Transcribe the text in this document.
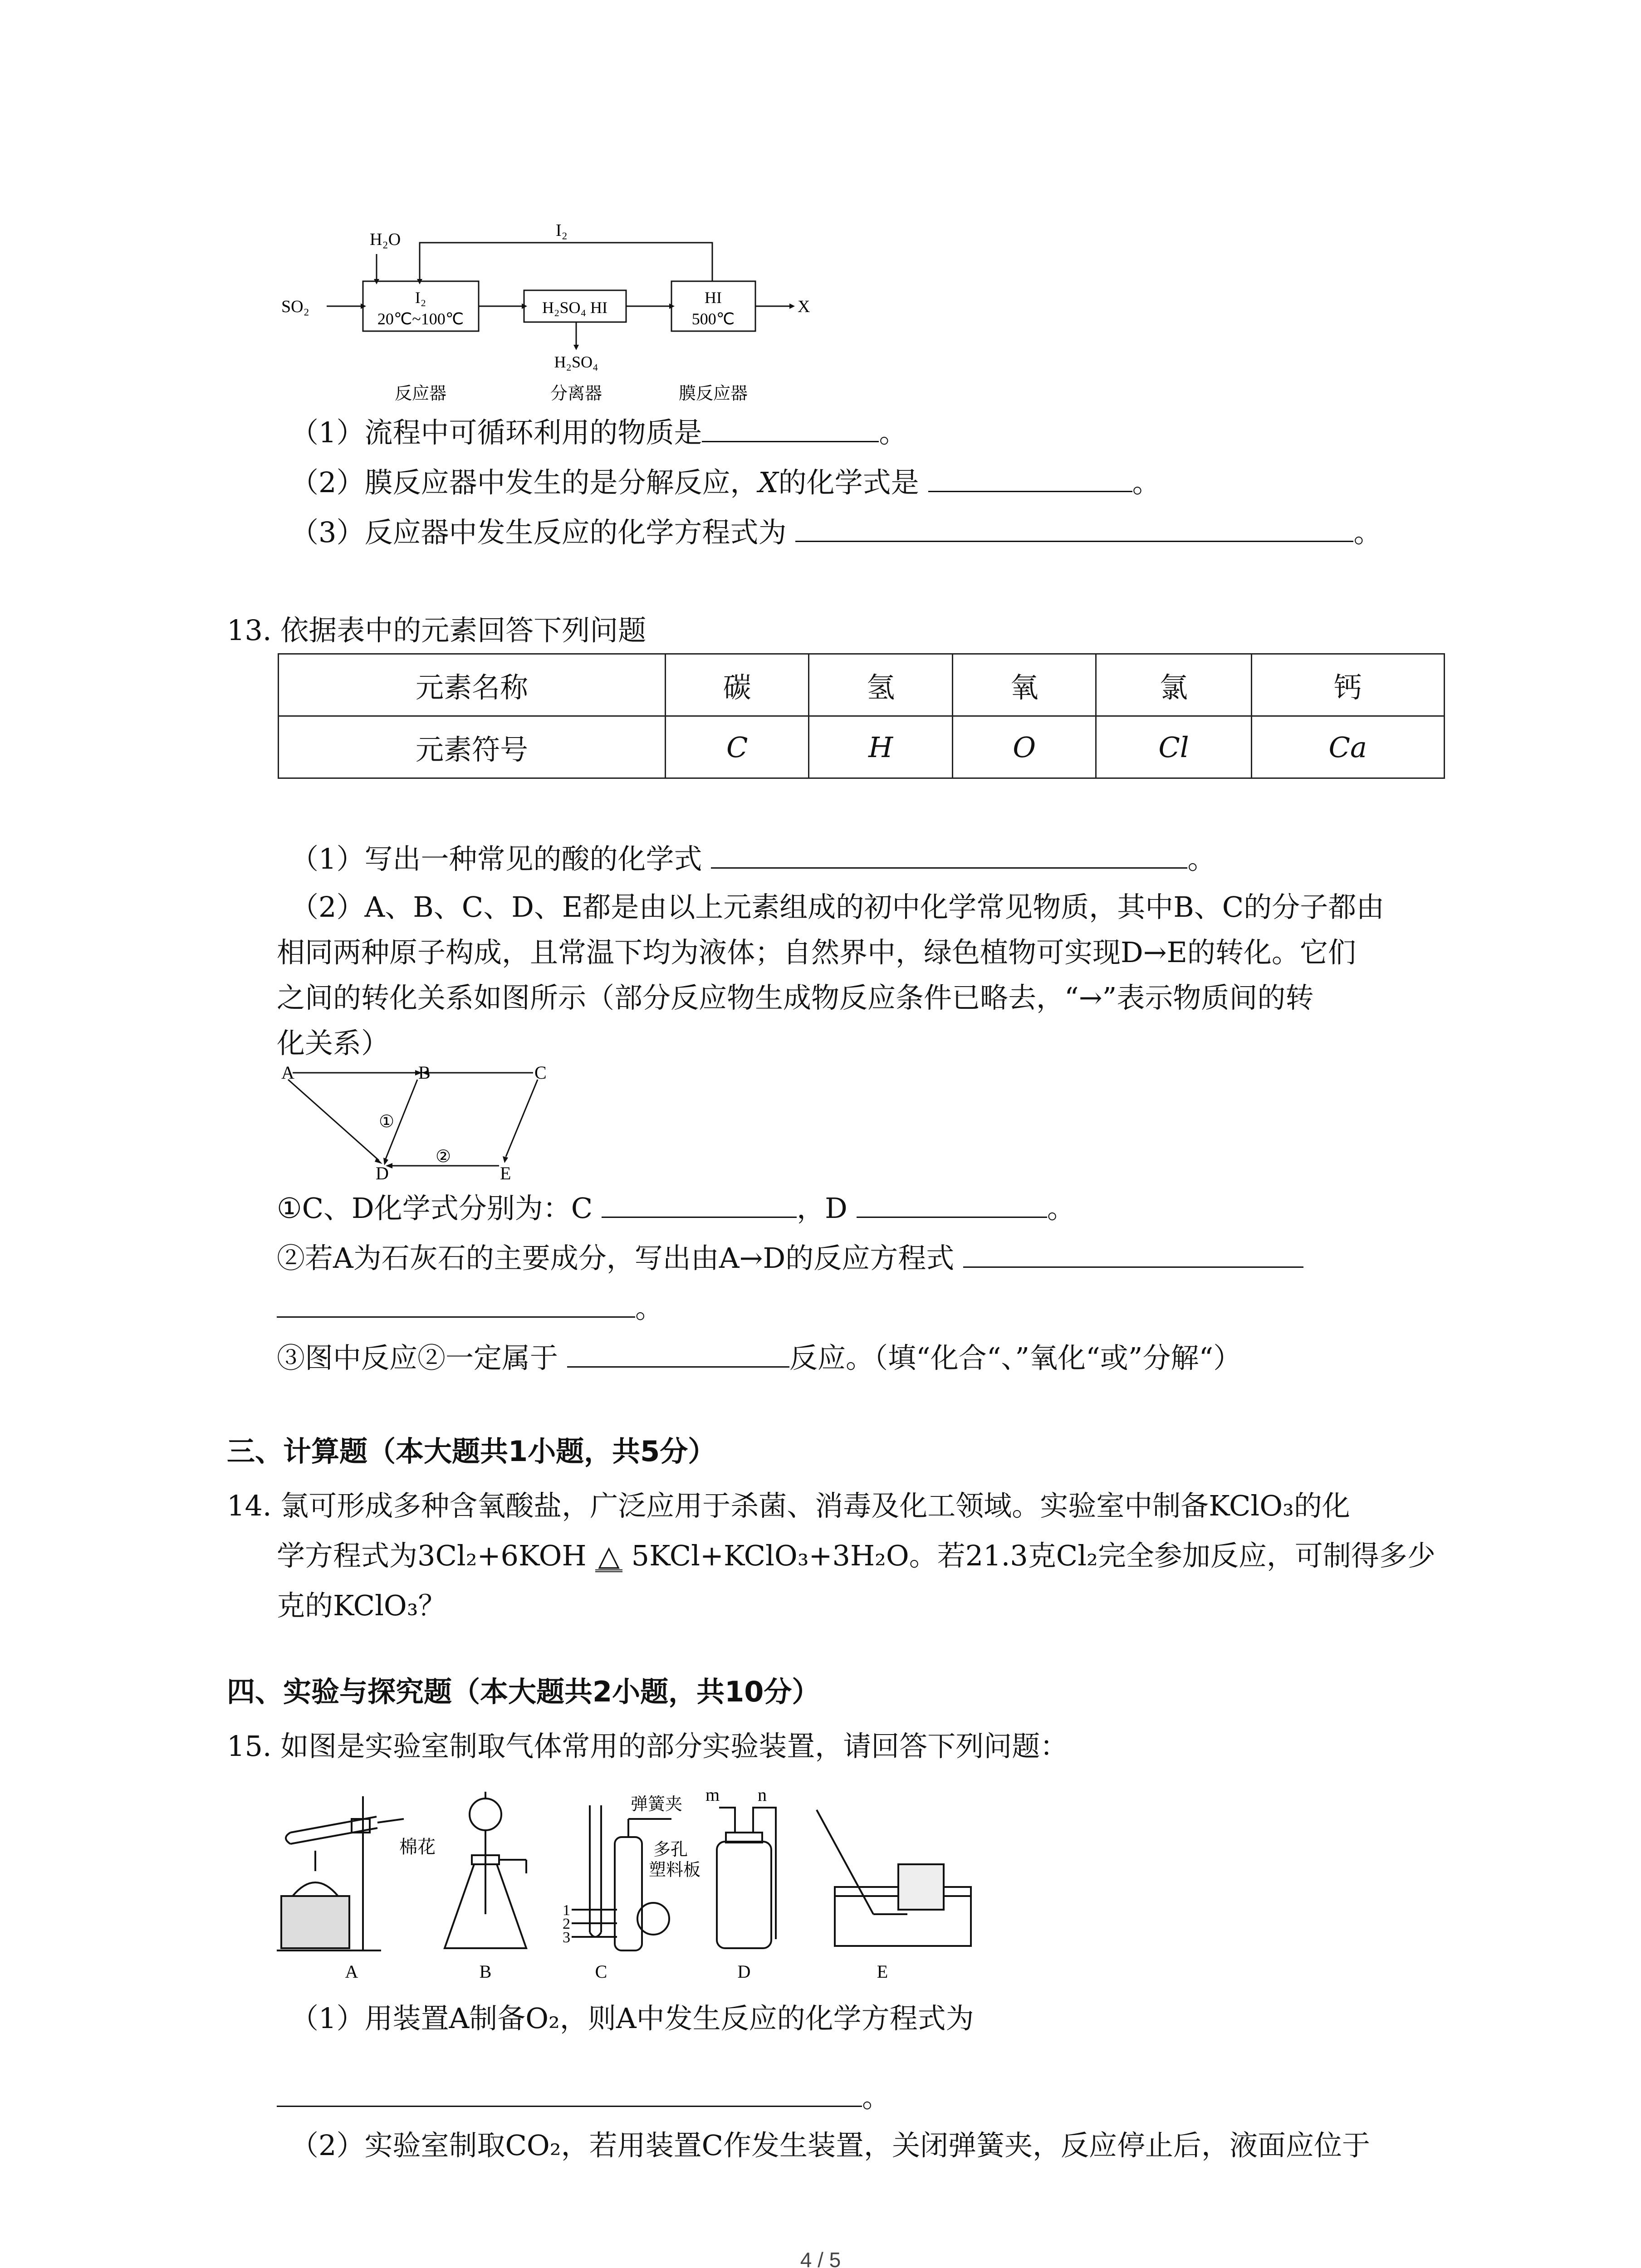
H₂O	I₂
SO₂	I₂
20℃~100℃
H₂SO₄ HI
HI
500℃
X
H₂SO₄
反应器	分离器	膜反应器
（1）流程中可循环利用的物质是	。
（2）膜反应器中发生的是分解反应，X的化学式是	。
（3）反应器中发生反应的化学方程式为	。
13. 依据表中的元素回答下列问题
元素名称	碳	氢	氧	氯	钙
元素符号	C	H	O	Cl	Ca
（1）写出一种常见的酸的化学式	。
（2）A、B、C、D、E都是由以上元素组成的初中化学常见物质，其中B、C的分子都由
相同两种原子构成，且常温下均为液体；自然界中，绿色植物可实现D→E的转化。它们
之间的转化关系如图所示（部分反应物生成物反应条件已略去，“→”表示物质间的转
化关系）
A	B	C
D	E
①
②
①C、D化学式分别为：C	，D	。
②若A为石灰石的主要成分，写出由A→D的反应方程式
。
③图中反应②一定属于	反应。（填“化合“、”氧化“或”分解“）
三、计算题（本大题共1小题，共5分）
14. 氯可形成多种含氧酸盐，广泛应用于杀菌、消毒及化工领域。实验室中制备KClO₃的化
学方程式为3Cl₂+6KOH △ 5KCl+KClO₃+3H₂O。若21.3克Cl₂完全参加反应，可制得多少
克的KClO₃？
四、实验与探究题（本大题共2小题，共10分）
15. 如图是实验室制取气体常用的部分实验装置，请回答下列问题：
棉花
弹簧夹
多孔
塑料板
1
2
3
m n
A	B	C	D	E
（1）用装置A制备O₂，则A中发生反应的化学方程式为
。
（2）实验室制取CO₂，若用装置C作发生装置，关闭弹簧夹，反应停止后，液面应位于
4 / 5
